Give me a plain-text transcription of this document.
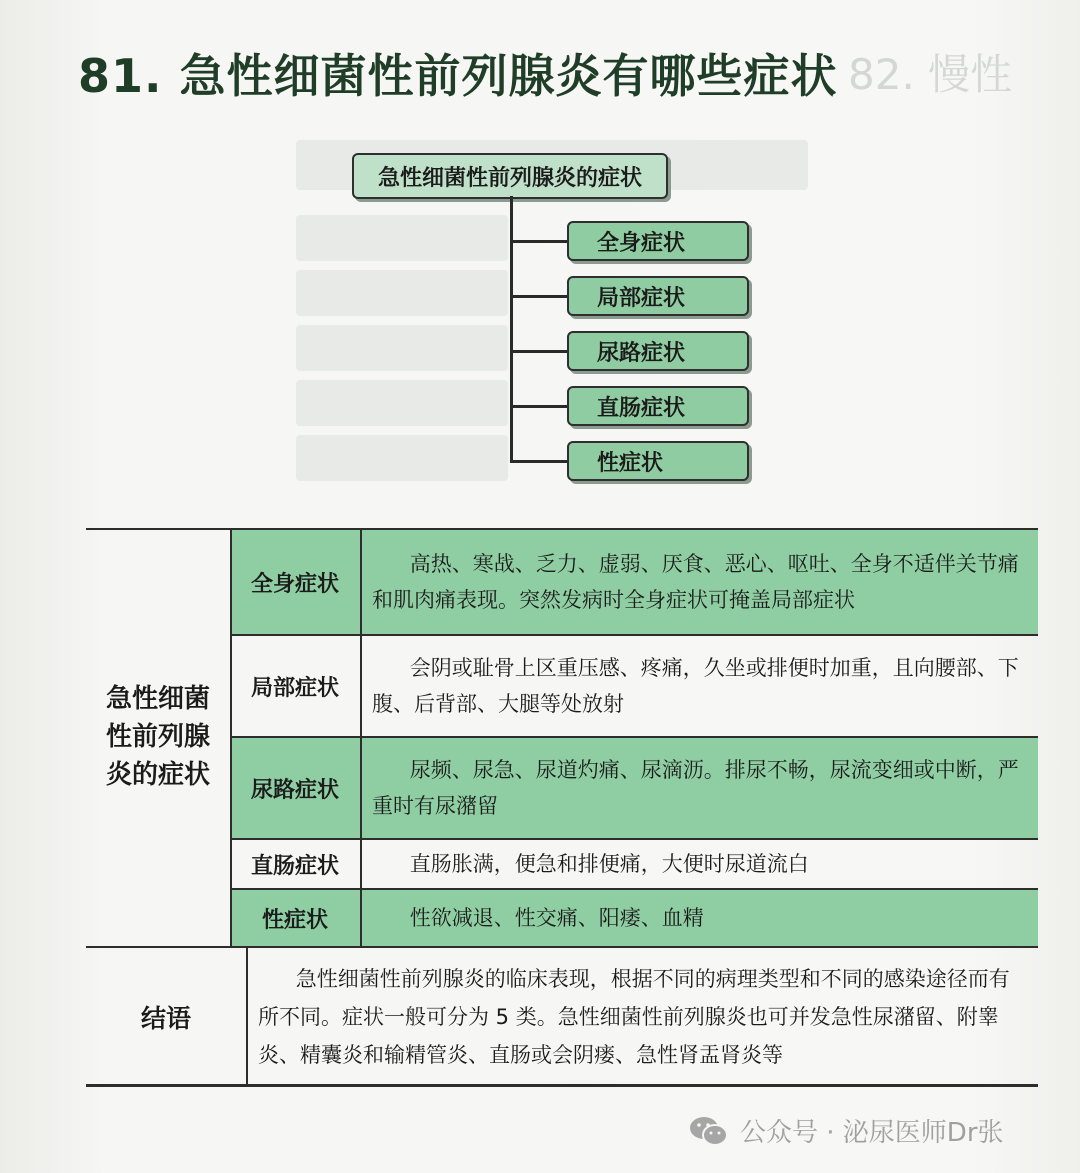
81. 急性细菌性前列腺炎有哪些症状 82. 慢性
急性细菌性前列腺炎的症状
全身症状
局部症状
尿路症状
直肠症状
性症状
急性细菌性前列腺炎的症状
全身症状
高热、寒战、乏力、虚弱、厌食、恶心、呕吐、全身不适伴关节痛和肌肉痛表现。突然发病时全身症状可掩盖局部症状
局部症状
会阴或耻骨上区重压感、疼痛，久坐或排便时加重，且向腰部、下腹、后背部、大腿等处放射
尿路症状
尿频、尿急、尿道灼痛、尿滴沥。排尿不畅，尿流变细或中断，严重时有尿潴留
直肠症状	直肠胀满，便急和排便痛，大便时尿道流白
性症状	性欲减退、性交痛、阳痿、血精
结语
急性细菌性前列腺炎的临床表现，根据不同的病理类型和不同的感染途径而有所不同。症状一般可分为 5 类。急性细菌性前列腺炎也可并发急性尿潴留、附睾炎、精囊炎和输精管炎、直肠或会阴瘘、急性肾盂肾炎等
公众号 · 泌尿医师Dr张
